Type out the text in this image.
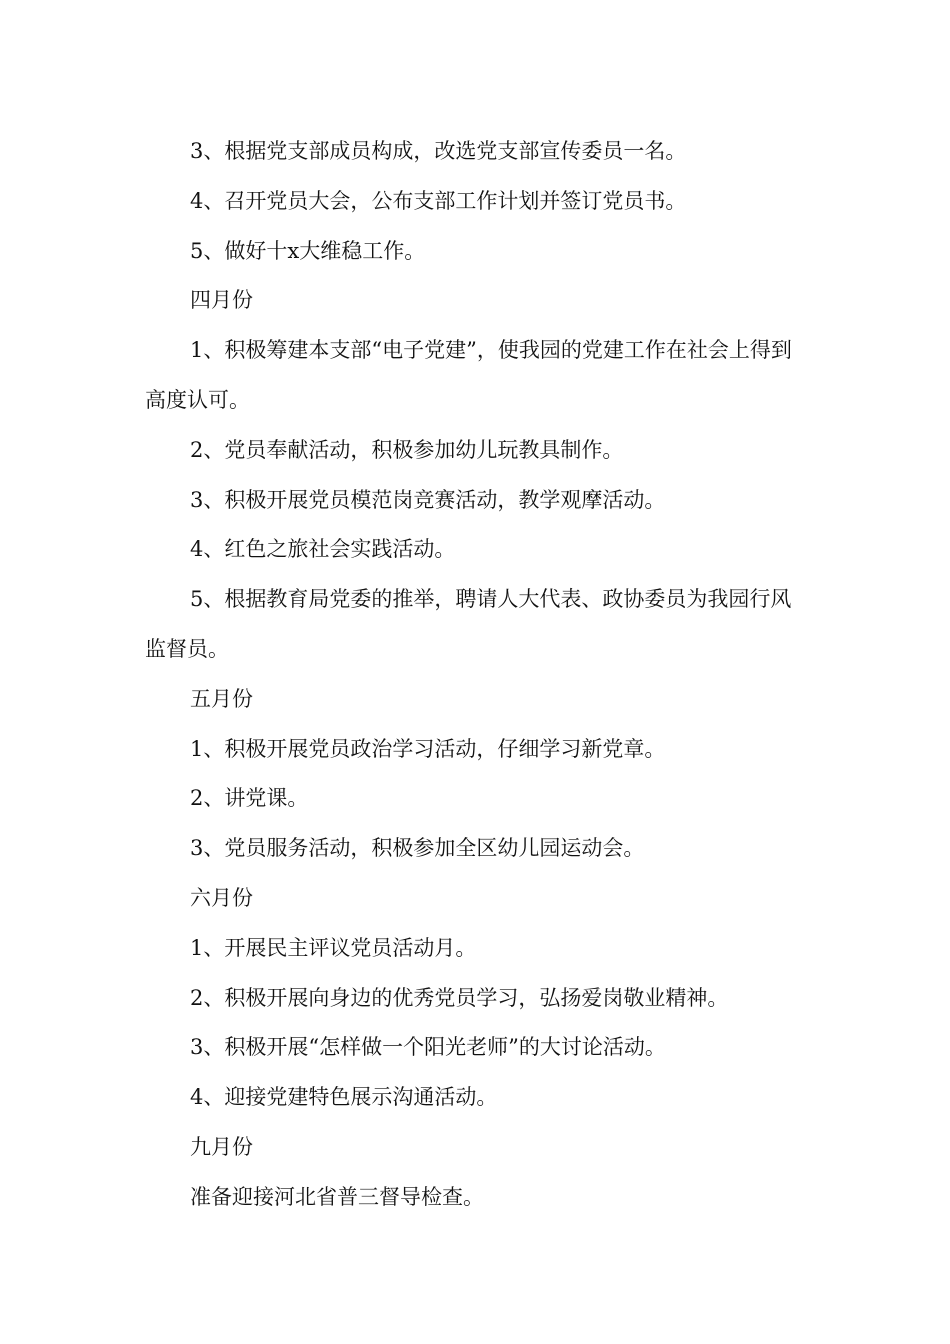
3、根据党支部成员构成，改选党支部宣传委员一名。

4、召开党员大会，公布支部工作计划并签订党员书。

5、做好十x大维稳工作。

四月份

1、积极筹建本支部“电子党建”，使我园的党建工作在社会上得到高度认可。

2、党员奉献活动，积极参加幼儿玩教具制作。

3、积极开展党员模范岗竞赛活动，教学观摩活动。

4、红色之旅社会实践活动。

5、根据教育局党委的推举，聘请人大代表、政协委员为我园行风监督员。

五月份

1、积极开展党员政治学习活动，仔细学习新党章。

2、讲党课。

3、党员服务活动，积极参加全区幼儿园运动会。

六月份

1、开展民主评议党员活动月。

2、积极开展向身边的优秀党员学习，弘扬爱岗敬业精神。

3、积极开展“怎样做一个阳光老师”的大讨论活动。

4、迎接党建特色展示沟通活动。

九月份

准备迎接河北省普三督导检查。
